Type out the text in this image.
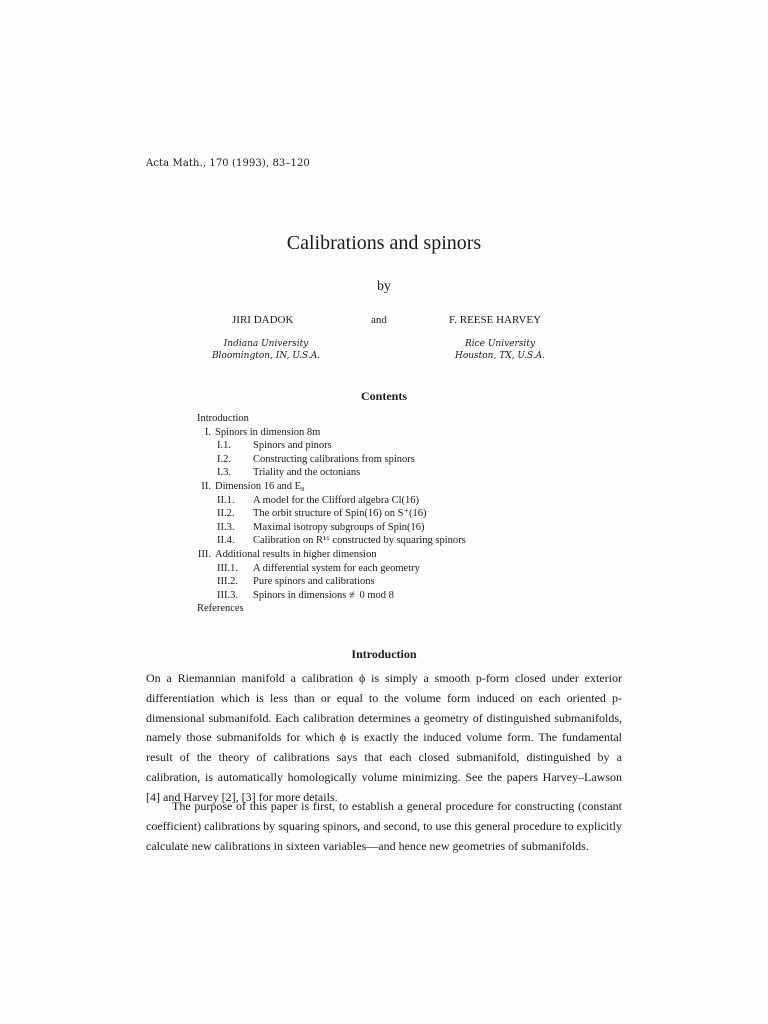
Acta Math., 170 (1993), 83–120
Calibrations and spinors
by
JIRI DADOK	and	F. REESE HARVEY
Indiana University
Bloomington, IN, U.S.A.
Rice University
Houston, TX, U.S.A.
Contents
Introduction
I. Spinors in dimension 8m
I.1. Spinors and pinors
I.2. Constructing calibrations from spinors
I.3. Triality and the octonians
II. Dimension 16 and E₈
II.1. A model for the Clifford algebra Cl(16)
II.2. The orbit structure of Spin(16) on S⁺(16)
II.3. Maximal isotropy subgroups of Spin(16)
II.4. Calibration on R¹⁶ constructed by squaring spinors
III. Additional results in higher dimension
III.1. A differential system for each geometry
III.2. Pure spinors and calibrations
III.3. Spinors in dimensions ≢0 mod 8
References
Introduction
On a Riemannian manifold a calibration ϕ is simply a smooth p-form closed under exterior differentiation which is less than or equal to the volume form induced on each oriented p-dimensional submanifold. Each calibration determines a geometry of distinguished submanifolds, namely those submanifolds for which ϕ is exactly the induced volume form. The fundamental result of the theory of calibrations says that each closed submanifold, distinguished by a calibration, is automatically homologically volume minimizing. See the papers Harvey–Lawson [4] and Harvey [2], [3] for more details.
The purpose of this paper is first, to establish a general procedure for constructing (constant coefficient) calibrations by squaring spinors, and second, to use this general procedure to explicitly calculate new calibrations in sixteen variables—and hence new geometries of submanifolds.
